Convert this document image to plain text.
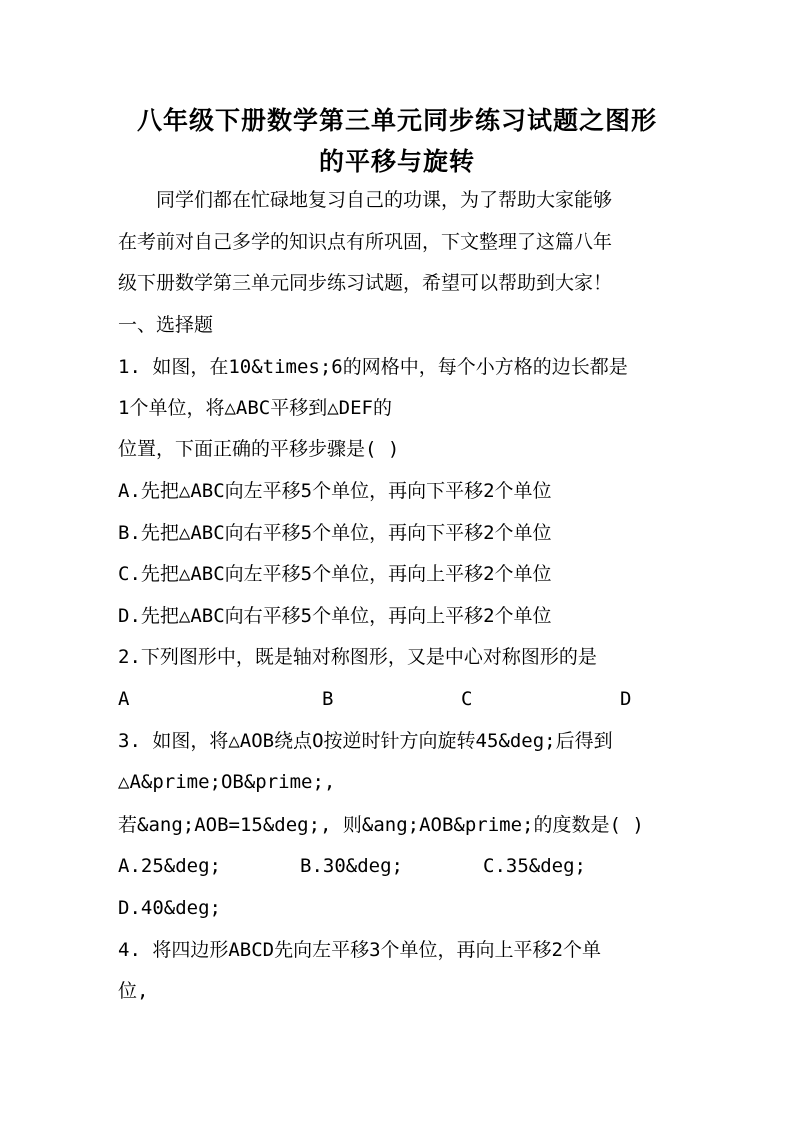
八年级下册数学第三单元同步练习试题之图形
的平移与旋转
同学们都在忙碌地复习自己的功课，为了帮助大家能够
在考前对自己多学的知识点有所巩固，下文整理了这篇八年
级下册数学第三单元同步练习试题，希望可以帮助到大家！
一、选择题
1. 如图，在10&times;6的网格中，每个小方格的边长都是
1个单位，将△ABC平移到△DEF的
位置，下面正确的平移步骤是( )
A.先把△ABC向左平移5个单位，再向下平移2个单位
B.先把△ABC向右平移5个单位，再向下平移2个单位
C.先把△ABC向左平移5个单位，再向上平移2个单位
D.先把△ABC向右平移5个单位，再向上平移2个单位
2.下列图形中，既是轴对称图形，又是中心对称图形的是
A	B	C	D
3. 如图，将△AOB绕点O按逆时针方向旋转45&deg;后得到
△A&prime;OB&prime;,
若&ang;AOB=15&deg;, 则&ang;AOB&prime;的度数是( )
A.25&deg;	B.30&deg;	C.35&deg;
D.40&deg;
4. 将四边形ABCD先向左平移3个单位，再向上平移2个单
位,
